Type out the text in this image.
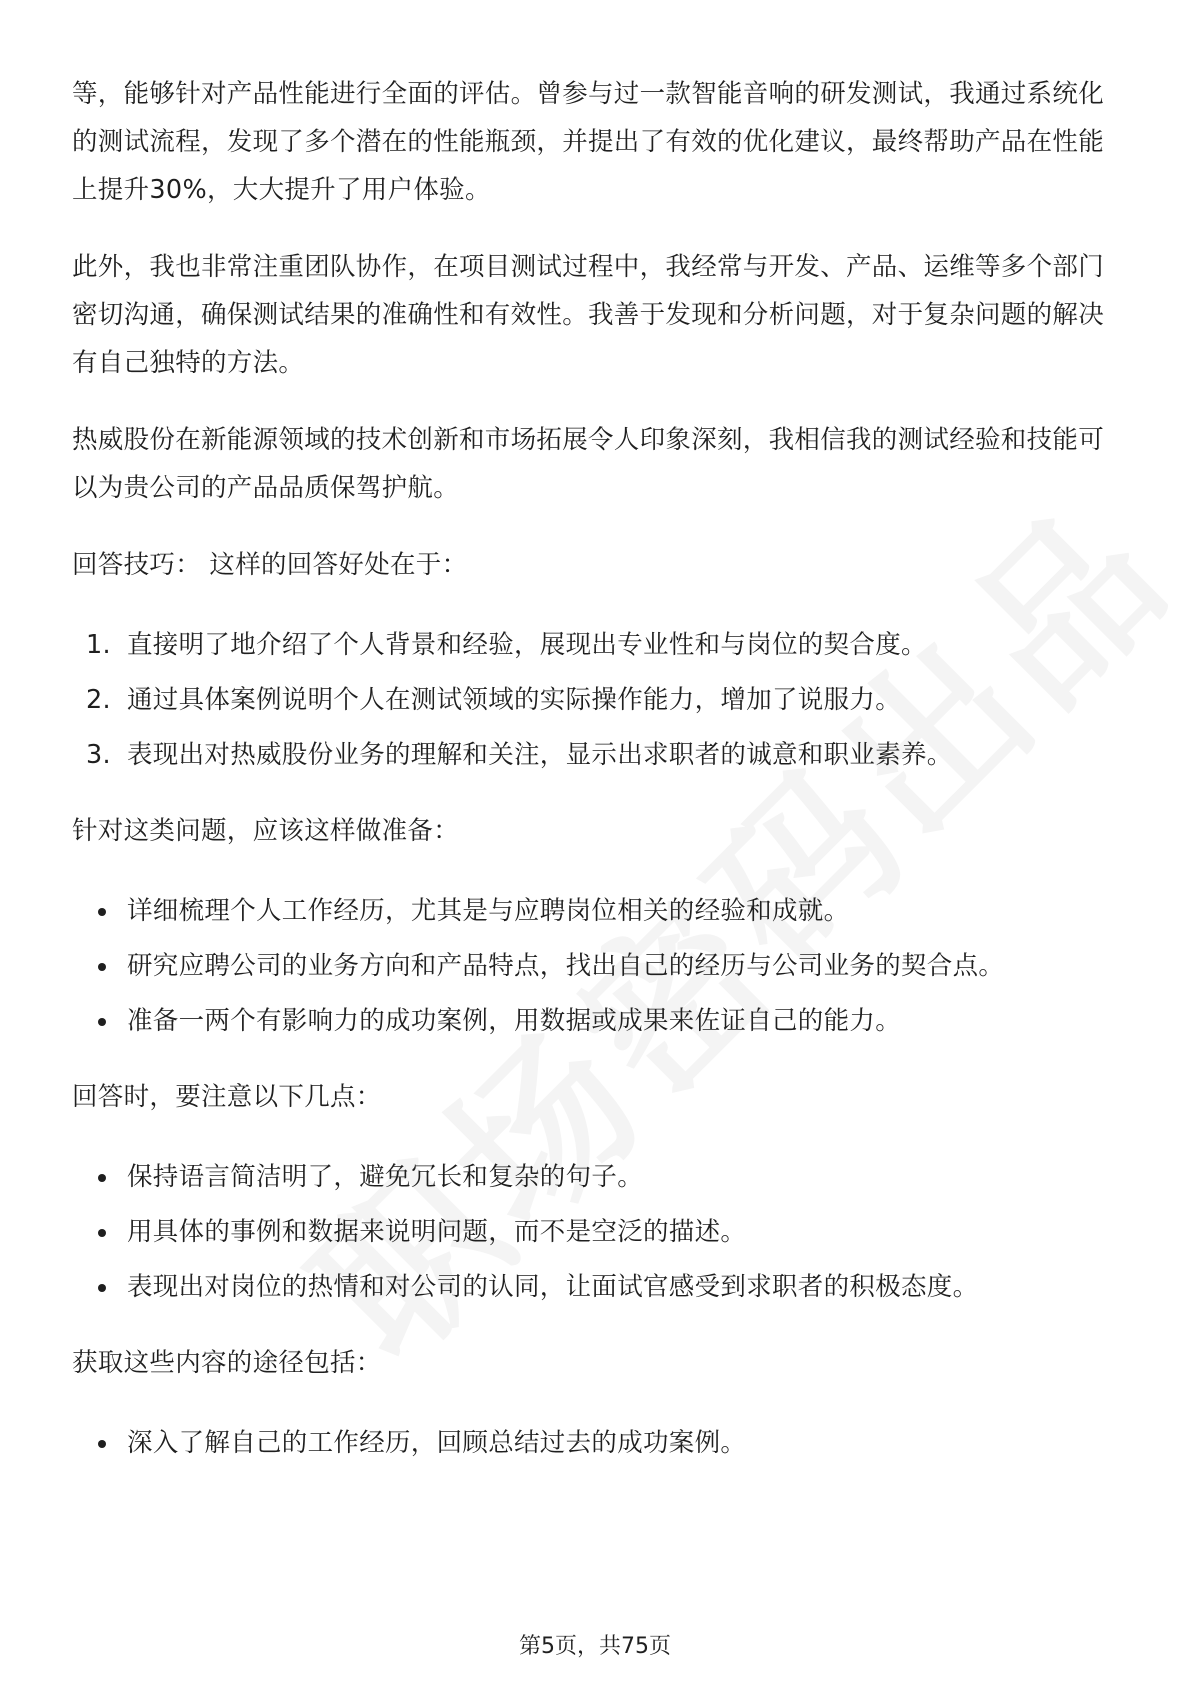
等，能够针对产品性能进行全面的评估。曾参与过一款智能音响的研发测试，我通过系统化的测试流程，发现了多个潜在的性能瓶颈，并提出了有效的优化建议，最终帮助产品在性能上提升30%，大大提升了用户体验。

此外，我也非常注重团队协作，在项目测试过程中，我经常与开发、产品、运维等多个部门密切沟通，确保测试结果的准确性和有效性。我善于发现和分析问题，对于复杂问题的解决有自己独特的方法。

热威股份在新能源领域的技术创新和市场拓展令人印象深刻，我相信我的测试经验和技能可以为贵公司的产品品质保驾护航。

回答技巧： 这样的回答好处在于：

1. 直接明了地介绍了个人背景和经验，展现出专业性和与岗位的契合度。
2. 通过具体案例说明个人在测试领域的实际操作能力，增加了说服力。
3. 表现出对热威股份业务的理解和关注，显示出求职者的诚意和职业素养。

针对这类问题，应该这样做准备：

详细梳理个人工作经历，尤其是与应聘岗位相关的经验和成就。
研究应聘公司的业务方向和产品特点，找出自己的经历与公司业务的契合点。
准备一两个有影响力的成功案例，用数据或成果来佐证自己的能力。

回答时，要注意以下几点：

保持语言简洁明了，避免冗长和复杂的句子。
用具体的事例和数据来说明问题，而不是空泛的描述。
表现出对岗位的热情和对公司的认同，让面试官感受到求职者的积极态度。

获取这些内容的途径包括：

深入了解自己的工作经历，回顾总结过去的成功案例。
第5页，共75页
